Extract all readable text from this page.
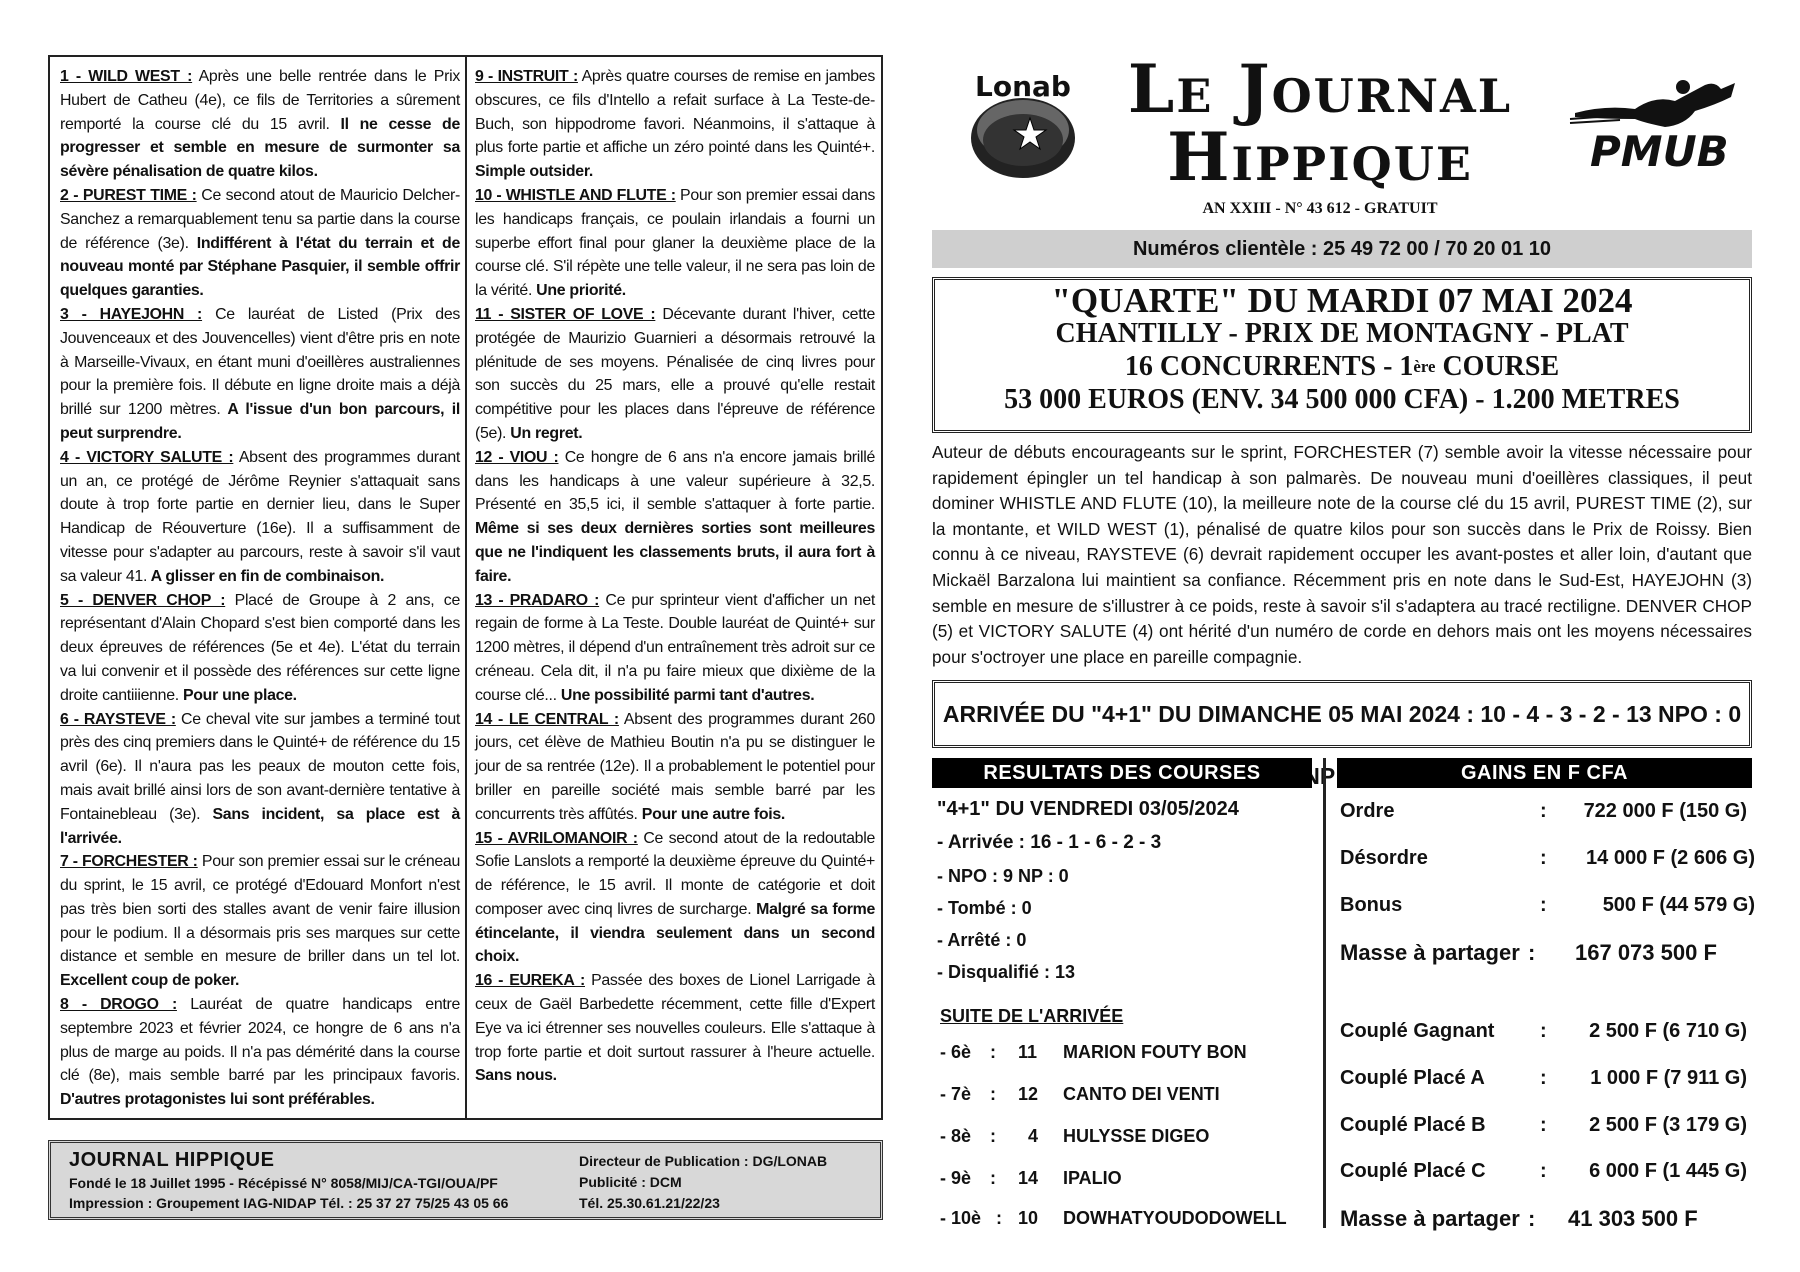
1 - WILD WEST : Après une belle rentrée dans le Prix Hubert de Catheu (4e), ce fils de Territories a sûrement remporté la course clé du 15 avril. Il ne cesse de progresser et semble en mesure de surmonter sa sévère pénalisation de quatre kilos.
2 - PUREST TIME : Ce second atout de Mauricio Delcher-Sanchez a remarquablement tenu sa partie dans la course de référence (3e). Indifférent à l'état du terrain et de nouveau monté par Stéphane Pasquier, il semble offrir quelques garanties.
3 - HAYEJOHN : Ce lauréat de Listed (Prix des Jouvenceaux et des Jouvencelles) vient d'être pris en note à Marseille-Vivaux, en étant muni d'oeillères australiennes pour la première fois. Il débute en ligne droite mais a déjà brillé sur 1200 mètres. A l'issue d'un bon parcours, il peut surprendre.
4 - VICTORY SALUTE : Absent des programmes durant un an, ce protégé de Jérôme Reynier s'attaquait sans doute à trop forte partie en dernier lieu, dans le Super Handicap de Réouverture (16e). Il a suffisamment de vitesse pour s'adapter au parcours, reste à savoir s'il vaut sa valeur 41. A glisser en fin de combinaison.
5 - DENVER CHOP : Placé de Groupe à 2 ans, ce représentant d'Alain Chopard s'est bien comporté dans les deux épreuves de références (5e et 4e). L'état du terrain va lui convenir et il possède des références sur cette ligne droite cantiiienne. Pour une place.
6 - RAYSTEVE : Ce cheval vite sur jambes a terminé tout près des cinq premiers dans le Quinté+ de référence du 15 avril (6e). Il n'aura pas les peaux de mouton cette fois, mais avait brillé ainsi lors de son avant-dernière tentative à Fontainebleau (3e). Sans incident, sa place est à l'arrivée.
7 - FORCHESTER : Pour son premier essai sur le créneau du sprint, le 15 avril, ce protégé d'Edouard Monfort n'est pas très bien sorti des stalles avant de venir faire illusion pour le podium. Il a désormais pris ses marques sur cette distance et semble en mesure de briller dans un tel lot. Excellent coup de poker.
8 - DROGO : Lauréat de quatre handicaps entre septembre 2023 et février 2024, ce hongre de 6 ans n'a plus de marge au poids. Il n'a pas démérité dans la course clé (8e), mais semble barré par les principaux favoris. D'autres protagonistes lui sont préférables.
9 - INSTRUIT : Après quatre courses de remise en jambes obscures, ce fils d'Intello a refait surface à La Teste-de-Buch, son hippodrome favori. Néanmoins, il s'attaque à plus forte partie et affiche un zéro pointé dans les Quinté+. Simple outsider.
10 - WHISTLE AND FLUTE : Pour son premier essai dans les handicaps français, ce poulain irlandais a fourni un superbe effort final pour glaner la deuxième place de la course clé. S'il répète une telle valeur, il ne sera pas loin de la vérité. Une priorité.
11 - SISTER OF LOVE : Décevante durant l'hiver, cette protégée de Maurizio Guarnieri a désormais retrouvé la plénitude de ses moyens. Pénalisée de cinq livres pour son succès du 25 mars, elle a prouvé qu'elle restait compétitive pour les places dans l'épreuve de référence (5e). Un regret.
12 - VIOU : Ce hongre de 6 ans n'a encore jamais brillé dans les handicaps à une valeur supérieure à 32,5. Présenté en 35,5 ici, il semble s'attaquer à forte partie. Même si ses deux dernières sorties sont meilleures que ne l'indiquent les classements bruts, il aura fort à faire.
13 - PRADARO : Ce pur sprinteur vient d'afficher un net regain de forme à La Teste. Double lauréat de Quinté+ sur 1200 mètres, il dépend d'un entraînement très adroit sur ce créneau. Cela dit, il n'a pu faire mieux que dixième de la course clé... Une possibilité parmi tant d'autres.
14 - LE CENTRAL : Absent des programmes durant 260 jours, cet élève de Mathieu Boutin n'a pu se distinguer le jour de sa rentrée (12e). Il a probablement le potentiel pour briller en pareille société mais semble barré par les concurrents très affûtés. Pour une autre fois.
15 - AVRILOMANOIR : Ce second atout de la redoutable Sofie Lanslots a remporté la deuxième épreuve du Quinté+ de référence, le 15 avril. Il monte de catégorie et doit composer avec cinq livres de surcharge. Malgré sa forme étincelante, il viendra seulement dans un second choix.
16 - EUREKA : Passée des boxes de Lionel Larrigade à ceux de Gaël Barbedette récemment, cette fille d'Expert Eye va ici étrenner ses nouvelles couleurs. Elle s'attaque à trop forte partie et doit surtout rassurer à l'heure actuelle. Sans nous.
JOURNAL HIPPIQUE
Fondé le 18 Juillet 1995 - Récépissé N° 8058/MIJ/CA-TGI/OUA/PF
Impression : Groupement IAG-NIDAP Tél. : 25 37 27 75/25 43 05 66
Directeur de Publication : DG/LONAB
Publicité : DCM
Tél. 25.30.61.21/22/23
Lonab Le Journal
Hippique	PMUB
AN XXIII - N° 43 612 - GRATUIT
Numéros clientèle : 25 49 72 00 / 70 20 01 10
"QUARTE" DU MARDI 07 MAI 2024
CHANTILLY - PRIX DE MONTAGNY - PLAT
16 CONCURRENTS - 1ère COURSE
53 000 EUROS (ENV. 34 500 000 CFA) - 1.200 METRES
Auteur de débuts encourageants sur le sprint, FORCHESTER (7) semble avoir la vitesse nécessaire pour rapidement épingler un tel handicap à son palmarès. De nouveau muni d'oeillères classiques, il peut dominer WHISTLE AND FLUTE (10), la meilleure note de la course clé du 15 avril, PUREST TIME (2), sur la montante, et WILD WEST (1), pénalisé de quatre kilos pour son succès dans le Prix de Roissy. Bien connu à ce niveau, RAYSTEVE (6) devrait rapidement occuper les avant-postes et aller loin, d'autant que Mickaël Barzalona lui maintient sa confiance. Récemment pris en note dans le Sud-Est, HAYEJOHN (3) semble en mesure de s'illustrer à ce poids, reste à savoir s'il s'adaptera au tracé rectiligne. DENVER CHOP (5) et VICTORY SALUTE (4) ont hérité d'un numéro de corde en dehors mais ont les moyens nécessaires pour s'octroyer une place en pareille compagnie.
ARRIVÉE DU "4+1" DU DIMANCHE 05 MAI 2024 : 10 - 4 - 3 - 2 - 13 NPO : 0 NP
RESULTATS DES COURSES	GAINS EN F CFA
"4+1" DU VENDREDI 03/05/2024
- Arrivée : 16 - 1 - 6 - 2 - 3
- NPO : 9 NP : 0
- Tombé : 0
- Arrêté : 0
- Disqualifié : 13
SUITE DE L'ARRIVÉE
- 6è : 11 MARION FOUTY BON
- 7è : 12 CANTO DEI VENTI
- 8è : 4 HULYSSE DIGEO
- 9è : 14 IPALIO
- 10è : 10 DOWHATYOUDODOWELL
Ordre	: 722 000 F (150 G)
Désordre	: 14 000 F (2 606 G)
Bonus	:	500 F (44 579 G)
Masse à partager : 167 073 500 F
Couplé Gagnant : 2 500 F (6 710 G)
Couplé Placé A	: 1 000 F (7 911 G)
Couplé Placé B	: 2 500 F (3 179 G)
Couplé Placé C	: 6 000 F (1 445 G)
Masse à partager : 41 303 500 F
